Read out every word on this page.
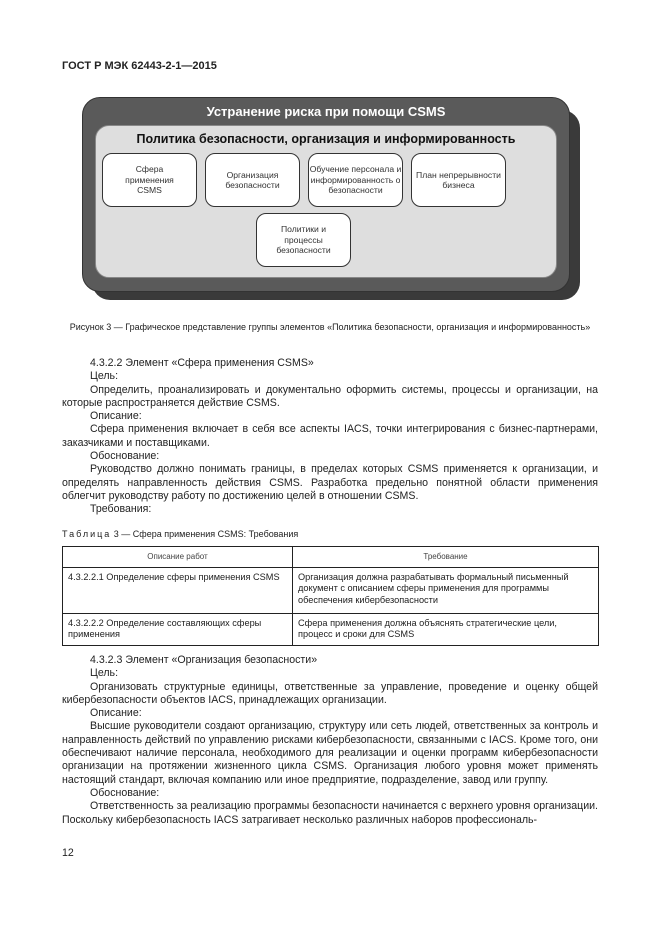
ГОСТ Р МЭК 62443-2-1—2015
Устранение риска при помощи CSMS
Политика безопасности, организация и информированность
Сфера применения CSMS
Организация безопасности
Обучение персонала и информированность о безопасности
План непрерывности бизнеса
Политики и процессы безопасности
Рисунок 3 — Графическое представление группы элементов «Политика безопасности, организация и информированность»

4.3.2.2 Элемент «Сфера применения CSMS»

Цель:

Определить, проанализировать и документально оформить системы, процессы и организации, на которые распространяется действие CSMS.

Описание:

Сфера применения включает в себя все аспекты IACS, точки интегрирования с бизнес-партнерами, заказчиками и поставщиками.

Обоснование:

Руководство должно понимать границы, в пределах которых CSMS применяется к организации, и определять направленность действия CSMS. Разработка предельно понятной области применения облегчит руководству работу по достижению целей в отношении CSMS.

Требования:

Таблица 3 — Сфера применения CSMS: Требования
Описание работ	Требование
4.3.2.2.1 Определение сферы применения CSMS	Организация должна разрабатывать формальный письменный документ с описанием сферы применения для программы обеспечения кибербезопасности
4.3.2.2.2 Определение составляющих сферы применения	Сфера применения должна объяснять стратегические цели, процесс и сроки для CSMS

4.3.2.3 Элемент «Организация безопасности»

Цель:

Организовать структурные единицы, ответственные за управление, проведение и оценку общей кибербезопасности объектов IACS, принадлежащих организации.

Описание:

Высшие руководители создают организацию, структуру или сеть людей, ответственных за контроль и направленность действий по управлению рисками кибербезопасности, связанными с IACS. Кроме того, они обеспечивают наличие персонала, необходимого для реализации и оценки программ кибербезопасности организации на протяжении жизненного цикла CSMS. Организация любого уровня может применять настоящий стандарт, включая компанию или иное предприятие, подразделение, завод или группу.

Обоснование:

Ответственность за реализацию программы безопасности начинается с верхнего уровня организации. Поскольку кибербезопасность IACS затрагивает несколько различных наборов профессиональ-

12
